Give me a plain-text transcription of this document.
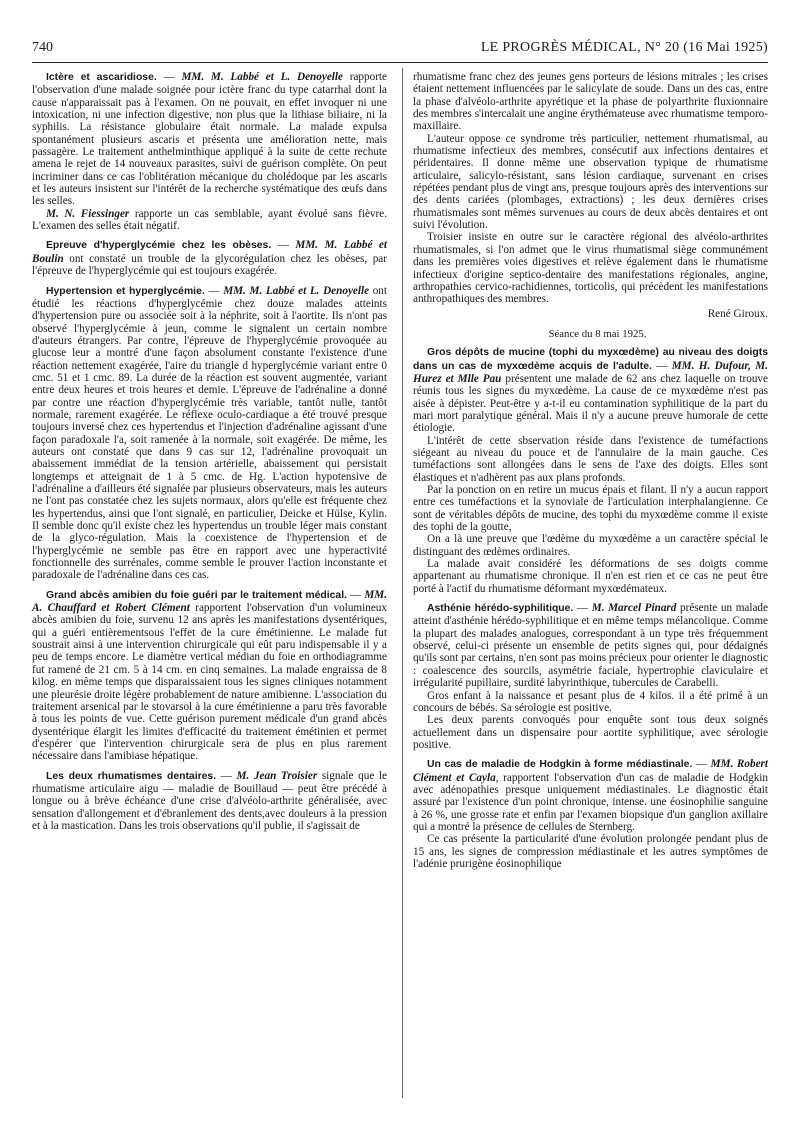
740	LE PROGRÈS MÉDICAL, N° 20 (16 Mai 1925)

Ictère et ascaridiose. — MM. M. Labbé et L. Denoyelle rapporte l'observation d'une malade soignée pour ictère franc du type catarrhal dont la cause n'apparaissait pas à l'examen. On ne pouvait, en effet invoquer ni une intoxication, ni une infection digestive, non plus que la lithiase biliaire, ni la syphilis. La résistance globulaire était normale. La malade expulsa spontanément plusieurs ascaris et présenta une amélioration nette, mais passagère. Le traitement anthelminthique appliqué à la suite de cette rechute amena le rejet de 14 nouveaux parasites, suivi de guérison complète. On peut incriminer dans ce cas l'oblitération mécanique du cholédoque par les ascaris et les auteurs insistent sur l'intérêt de la recherche systématique des œufs dans les selles.

M. N. Fiessinger rapporte un cas semblable, ayant évolué sans fièvre. L'examen des selles était négatif.

Epreuve d'hyperglycémie chez les obèses. — MM. M. Labbé et Boulin ont constaté un trouble de la glycorégulation chez les obèses, par l'épreuve de l'hyperglycémie qui est toujours exagérée.

Hypertension et hyperglycémie. — MM. M. Labbé et L. Denoyelle ont étudié les réactions d'hyperglycémie chez douze malades atteints d'hypertension pure ou associée soit à la néphrite, soit à l'aortite. Ils n'ont pas observé l'hyperglycémie à jeun, comme le signalent un certain nombre d'auteurs étrangers. Par contre, l'épreuve de l'hyperglycémie provoquée au glucose leur a montré d'une façon absolument constante l'existence d'une réaction nettement exagérée, l'aire du triangle d hyperglycémie variant entre 0 cmc. 51 et 1 cmc. 89. La durée de la réaction est souvent augmentée, variant entre deux heures et trois heures et demie. L'épreuve de l'adrénaline a donné par contre une réaction d'hyperglycémie très variable, tantôt nulle, tantôt normale, rarement exagérée. Le réflexe oculo-cardiaque a été trouvé presque toujours inversé chez ces hypertendus et l'injection d'adrénaline agissant d'une façon paradoxale l'a, soit ramenée à la normale, soit exagérée. De même, les auteurs ont constaté que dans 9 cas sur 12, l'adrénaline provoquait un abaissement immédiat de la tension artérielle, abaissement qui persistait longtemps et atteignait de 1 à 5 cmc. de Hg. L'action hypotensive de l'adrénaline a d'ailleurs été signalée par plusieurs observateurs, mais les auteurs ne l'ont pas constatée chez les sujets normaux, alors qu'elle est fréquente chez les hypertendus, ainsi que l'ont signalé, en particulier, Deicke et Hülse, Kylin. Il semble donc qu'il existe chez les hypertendus un trouble léger mais constant de la glyco-régulation. Mais la coexistence de l'hypertension et de l'hyperglycémie ne semble pas être en rapport avec une hyperactivité fonctionnelle des surrénales, comme semble le prouver l'action inconstante et paradoxale de l'adrénaline dans ces cas.

Grand abcès amibien du foie guéri par le traitement médical. — MM. A. Chauffard et Robert Clément rapportent l'observation d'un volumineux abcès amibien du foie, survenu 12 ans après les manifestations dysentériques, qui a guéri entièrementsous l'effet de la cure émétinienne. Le malade fut soustrait ainsi à une intervention chirurgicale qui eût paru indispensable il y a peu de temps encore. Le diamètre vertical médian du foie en orthodiagramme fut ramené de 21 cm. 5 à 14 cm. en cinq semaines. La malade engraissa de 8 kilog. en même temps que disparaissaient tous les signes cliniques notamment une pleurésie droite légère probablement de nature amibienne. L'association du traitement arsenical par le stovarsol à la cure émétinienne a paru très favorable à tous les points de vue. Cette guérison purement médicale d'un grand abcès dysentérique élargit les limites d'efficacité du traitement émétinien et permet d'espérer que l'intervention chirurgicale sera de plus en plus rarement nécessaire dans l'amibiase hépatique.

Les deux rhumatismes dentaires. — M. Jean Troisier signale que le rhumatisme articulaire aigu — maladie de Bouillaud — peut être précédé à longue ou à brève échéance d'une crise d'alvéolo-arthrite généralisée, avec sensation d'allongement et d'ébranlement des dents,avec douleurs à la pression et à la mastication. Dans les trois observations qu'il publie, il s'agissait de

rhumatisme franc chez des jeunes gens porteurs de lésions mitrales ; les crises étaient nettement influencées par le salicylate de soude. Dans un des cas, entre la phase d'alvéolo-arthrite apyrétique et la phase de polyarthrite fluxionnaire des membres s'intercalait une angine érythémateuse avec rhumatisme temporo-maxillaire.

L'auteur oppose ce syndrome très particulier, nettement rhumatismal, au rhumatisme infectieux des membres, consécutif aux infections dentaires et péridentaires. Il donne même une observation typique de rhumatisme articulaire, salicylo-résistant, sans lésion cardiaque, survenant en crises répétées pendant plus de vingt ans, presque toujours après des interventions sur des dents cariées (plombages, extractions) ; les deux dernières crises rhumatismales sont mêmes survenues au cours de deux abcès dentaires et ont suivi l'évolution.

Troisier insiste en outre sur le caractère régional des alvéolo-arthrites rhumatismales, si l'on admet que le virus rhumatismal siège communément dans les premières voies digestives et relève également dans le rhumatisme infectieux d'origine septico-dentaire des manifestations régionales, angine, arthropathies cervico-rachidiennes, torticolis, qui précèdent les manifestations anthropathiques des membres.

René Giroux.

Séance du 8 mai 1925.

Gros dépôts de mucine (tophi du myxœdème) au niveau des doigts dans un cas de myxœdème acquis de l'adulte. — MM. H. Dufour, M. Hurez et Mlle Pau présentent une malade de 62 ans chez laquelle on trouve réunis tous les signes du myxœdème. La cause de ce myxœdème n'est pas aisée à dépister. Peut-être y a-t-il eu contamination syphilitique de la part du mari mort paralytique général. Mais il n'y a aucune preuve humorale de cette étiologie.

L'intérêt de cette sbservation réside dans l'existence de tuméfactions siégeant au niveau du pouce et de l'annulaire de la main gauche. Ces tuméfactions sont allongées dans le sens de l'axe des doigts. Elles sont élastiques et n'adhèrent pas aux plans profonds.

Par la ponction on en retire un mucus épais et filant. Il n'y a aucun rapport entre ces tuméfactions et la synoviale de l'articulation interphalangienne. Ce sont de véritables dépôts de mucine, des tophi du myxœdème comme il existe des tophi de la goutte,

On a là une preuve que l'œdème du myxœdème a un caractère spécial le distinguant des œdèmes ordinaires.

La malade avait considéré les déformations de ses doigts comme appartenant au rhumatisme chronique. Il n'en est rien et ce cas ne peut être porté à l'actif du rhumatisme déformant myxœdémateux.

Asthénie hérédo-syphilitique. — M. Marcel Pinard présente un malade atteint d'asthénie hérédo-syphilitique et en même temps mélancolique. Comme la plupart des malades analogues, correspondant à un type très fréquemment observé, celui-ci présente un ensemble de petits signes qui, pour dédaignés qu'ils sont par certains, n'en sont pas moins précieux pour orienter le diagnostic : coalescence des sourcils, asymétrie faciale, hypertrophie claviculaire et irrégularité pupillaire, surdité labyrinthique, tubercules de Carabelli.

Gros enfant à la naissance et pesant plus de 4 kilos. il a été primé à un concours de bébés. Sa sérologie est positive.

Les deux parents convoqués pour enquête sont tous deux soignés actuellement dans un dispensaire pour aortite syphilitique, avec sérologie positive.

Un cas de maladie de Hodgkin à forme médiastinale. — MM. Robert Clément et Cayla, rapportent l'observation d'un cas de maladie de Hodgkin avec adénopathies presque uniquement médiastinales. Le diagnostic était assuré par l'existence d'un point chronique, intense. une éosinophilie sanguine à 26 %, une grosse rate et enfin par l'examen biopsique d'un ganglion axillaire qui a montré la présence de cellules de Sternberg.

Ce cas présente la particularité d'une évolution prolongée pendant plus de 15 ans, les signes de compression médiastinale et les autres symptômes de l'adénie prurigène éosinophilique
